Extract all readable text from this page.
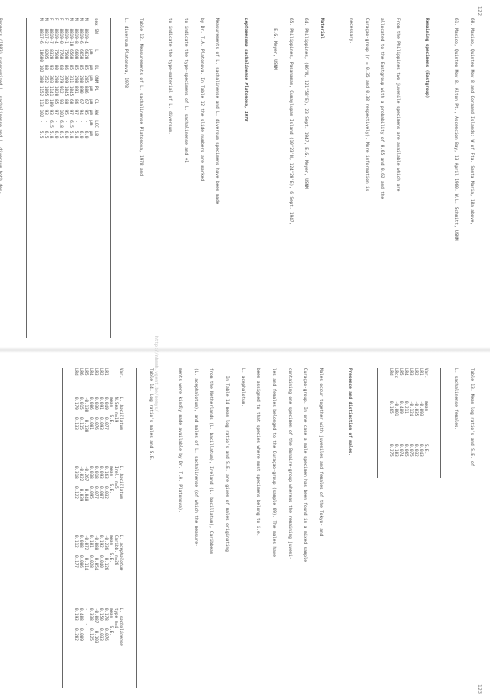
122

60. Maxixo, Quinteo Mov 8 and Coraand Islands: W of Fta. Santa Maria, 18a above,

61. Maxico, Quinteo Mov 8. Alton Pt., Ascencion Bay, 13 April 1960. W.L. Schmitt, USNM

Remaining specimens (Eastgroup)

From the Philippines two juvenile specimens are available which are

allocated to the Eastgroup with a probability of 0.65 and 0.62 and the

Curaçao-group (r = 0.35 and 0.38 respectively). More information is

necessary.

Material

64. Philippines, (06°N, 121°58'E), 23 Sept. 1947, E.G. Meyer, USNM

65. Philippines, Pasanaman, Cumaylupan Island (10°23'N, 124°20'E), 6 Sept. 1947,

E.G. Meyer, USNM

Leptomesoma sachalinense Platonova, 1978

Measurements of L. sachalinense and L. diversum specimens have been made

by Dr. T.A. Platonova. In Table 12 the slide numbers are marked

to indicate the type-specimens of L. sachalinense and +1

to indicate the type-material of L. diversum.

Table 12. Measurements of L. sachalinense Platonova, 1978 and

L. diversum Platonova, 1978

sex	SN	L	OL	ONM	PL	CL	AW	LCC	LB
		µm	µm	µm	µm	µm	µm	µm	µm
M	8819-4	6620	85	285	886	67	95	-	6.0
M	8819-6	6650	85	280	890	67	94	-	6.0
M	8819-8	6600	85	298	891	86	97	-	5.8
M	8819-10	6560	85	311	1045	60	97	6.5	5.8
F	8819-1	7500	86	309	1045	88	95	-	6.0
F	8819-0	7760	68	279	912	93	101	6.8	6.5
F	8819-4	7500	80	298	1020	85	97	-	6.0
F	8819-7	8320	93	303	1141	109	93	6.5	5.8
M	8817-2	8205	88	352	1095	83	93	-	6.5
M	8817-6	10600	102	380	1152	113	102	-	5.5

123

Table 13. Mean log ratio's and S.E. of

L. sachalinense females.

Var.	mean	S.E.
LR1	-0.093	0.043
LR2	-0.035	0.032
LR3	-0.124	0.075
LR4	0.211	0.065
LR5	0.489	0.074
LRcc	-0.001	0.103
LRd	0.165	0.275

Presence and distinction of males.

Males occur together with juveniles and females of the Tokyo- and

Curaçao-group. In one case a male specimen has been found in a mixed sample

containing one specimen of the Bonaire-group whereas the remaining juveni-

les and females belonged to the Curaçao-group (sample 69). The males have

been assigned to that species where most specimens belong to i.e.

L. acephalotum.

In Table 14 mean log ratio's and S.E. are given of males originating

from the Netherlands (L. bacillatum), Ireland (L. bacillatum), Caribbean

(L. acephalotum), and males of L. sachalinense (of which the measure-

ments were kindly made available by Dr. T.A. Platonova).

Table 14. Log ratio's males and S.E.

Var.	L. bacillatum	L. bacillatum	L. acephalotum	L. sachalinense
	N.Sea n=19	Irel. n=5	Caribb. n=26	type n=4
	mean   S.E.	mean   S.E.	mean   S.E.	mean   S.E.
LR1	0.049   0.077	0.163   0.032	-0.236   0.126	0.178   0.076
LR2	0.091   0.093	0.093   0.087	0.192   0.040	0.150   0.033
LR3	0.030   0.076	0.018   0.077	-0.088   0.054	-0.087   0.103
LR4	0.086   0.081	0.038   0.095	0.181   0.028	0.338   0.125
LR5	-0.130   0.130	-0.267   0.048	-0.072   0.114	-     -
LR6	0.015   0.115	-0.022   0.039	0.088   0.086	0.408   0.089
LRd	0.179   0.133	0.318   0.122	0.112   0.177	0.193   0.202

http://nhmmh.vgent.be/nemys/
